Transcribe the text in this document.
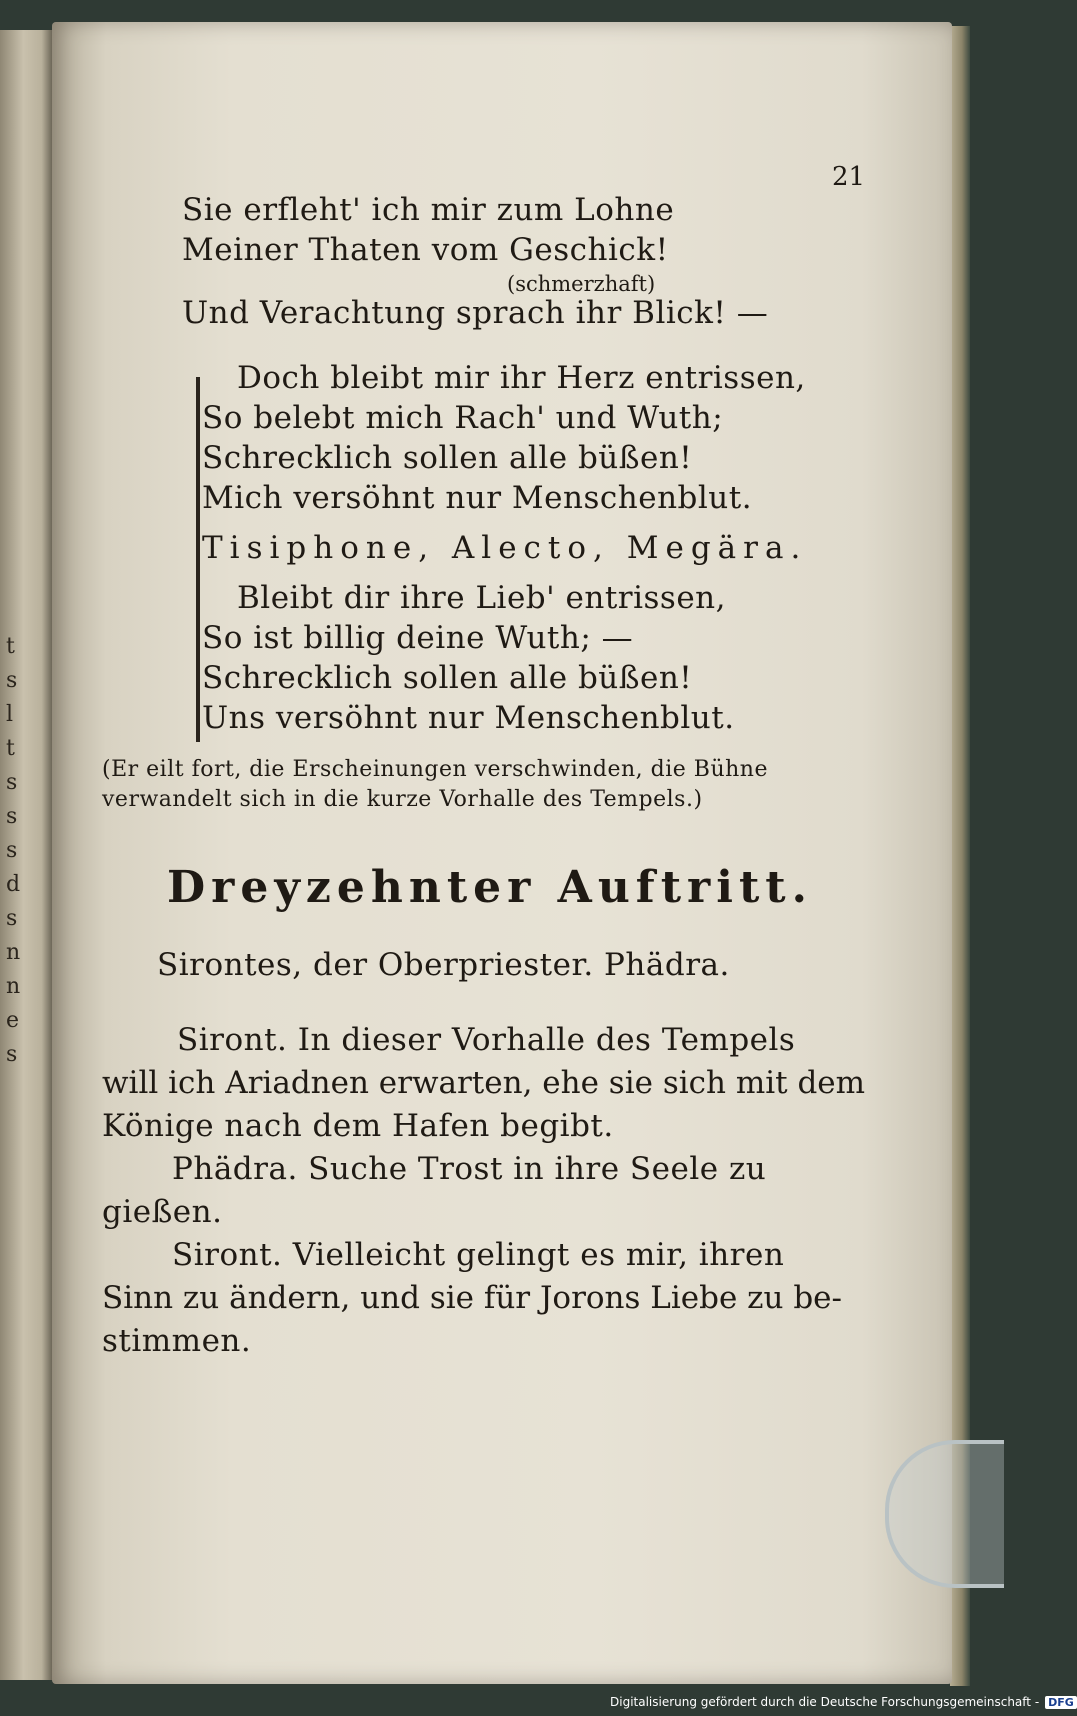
t
s
l
t
s
s
s
d
s
n
n
e
s
21
Sie erfleht' ich mir zum Lohne
Meiner Thaten vom Geschick!
(schmerzhaft)
Und Verachtung sprach ihr Blick! —
Doch bleibt mir ihr Herz entrissen,
So belebt mich Rach' und Wuth;
Schrecklich sollen alle büßen!
Mich versöhnt nur Menschenblut.
Tisiphone, Alecto, Megära.
Bleibt dir ihre Lieb' entrissen,
So ist billig deine Wuth; —
Schrecklich sollen alle büßen!
Uns versöhnt nur Menschenblut.
(Er eilt fort, die Erscheinungen verschwinden, die Bühne
verwandelt sich in die kurze Vorhalle des Tempels.)
Dreyzehnter Auftritt.
Sirontes, der Oberpriester. Phädra.
Siront. In dieser Vorhalle des Tempels
will ich Ariadnen erwarten, ehe sie sich mit dem
Könige nach dem Hafen begibt.
Phädra. Suche Trost in ihre Seele zu
gießen.
Siront. Vielleicht gelingt es mir, ihren
Sinn zu ändern, und sie für Jorons Liebe zu be-
stimmen.
Digitalisierung gefördert durch die Deutsche Forschungsgemeinschaft - DFG
